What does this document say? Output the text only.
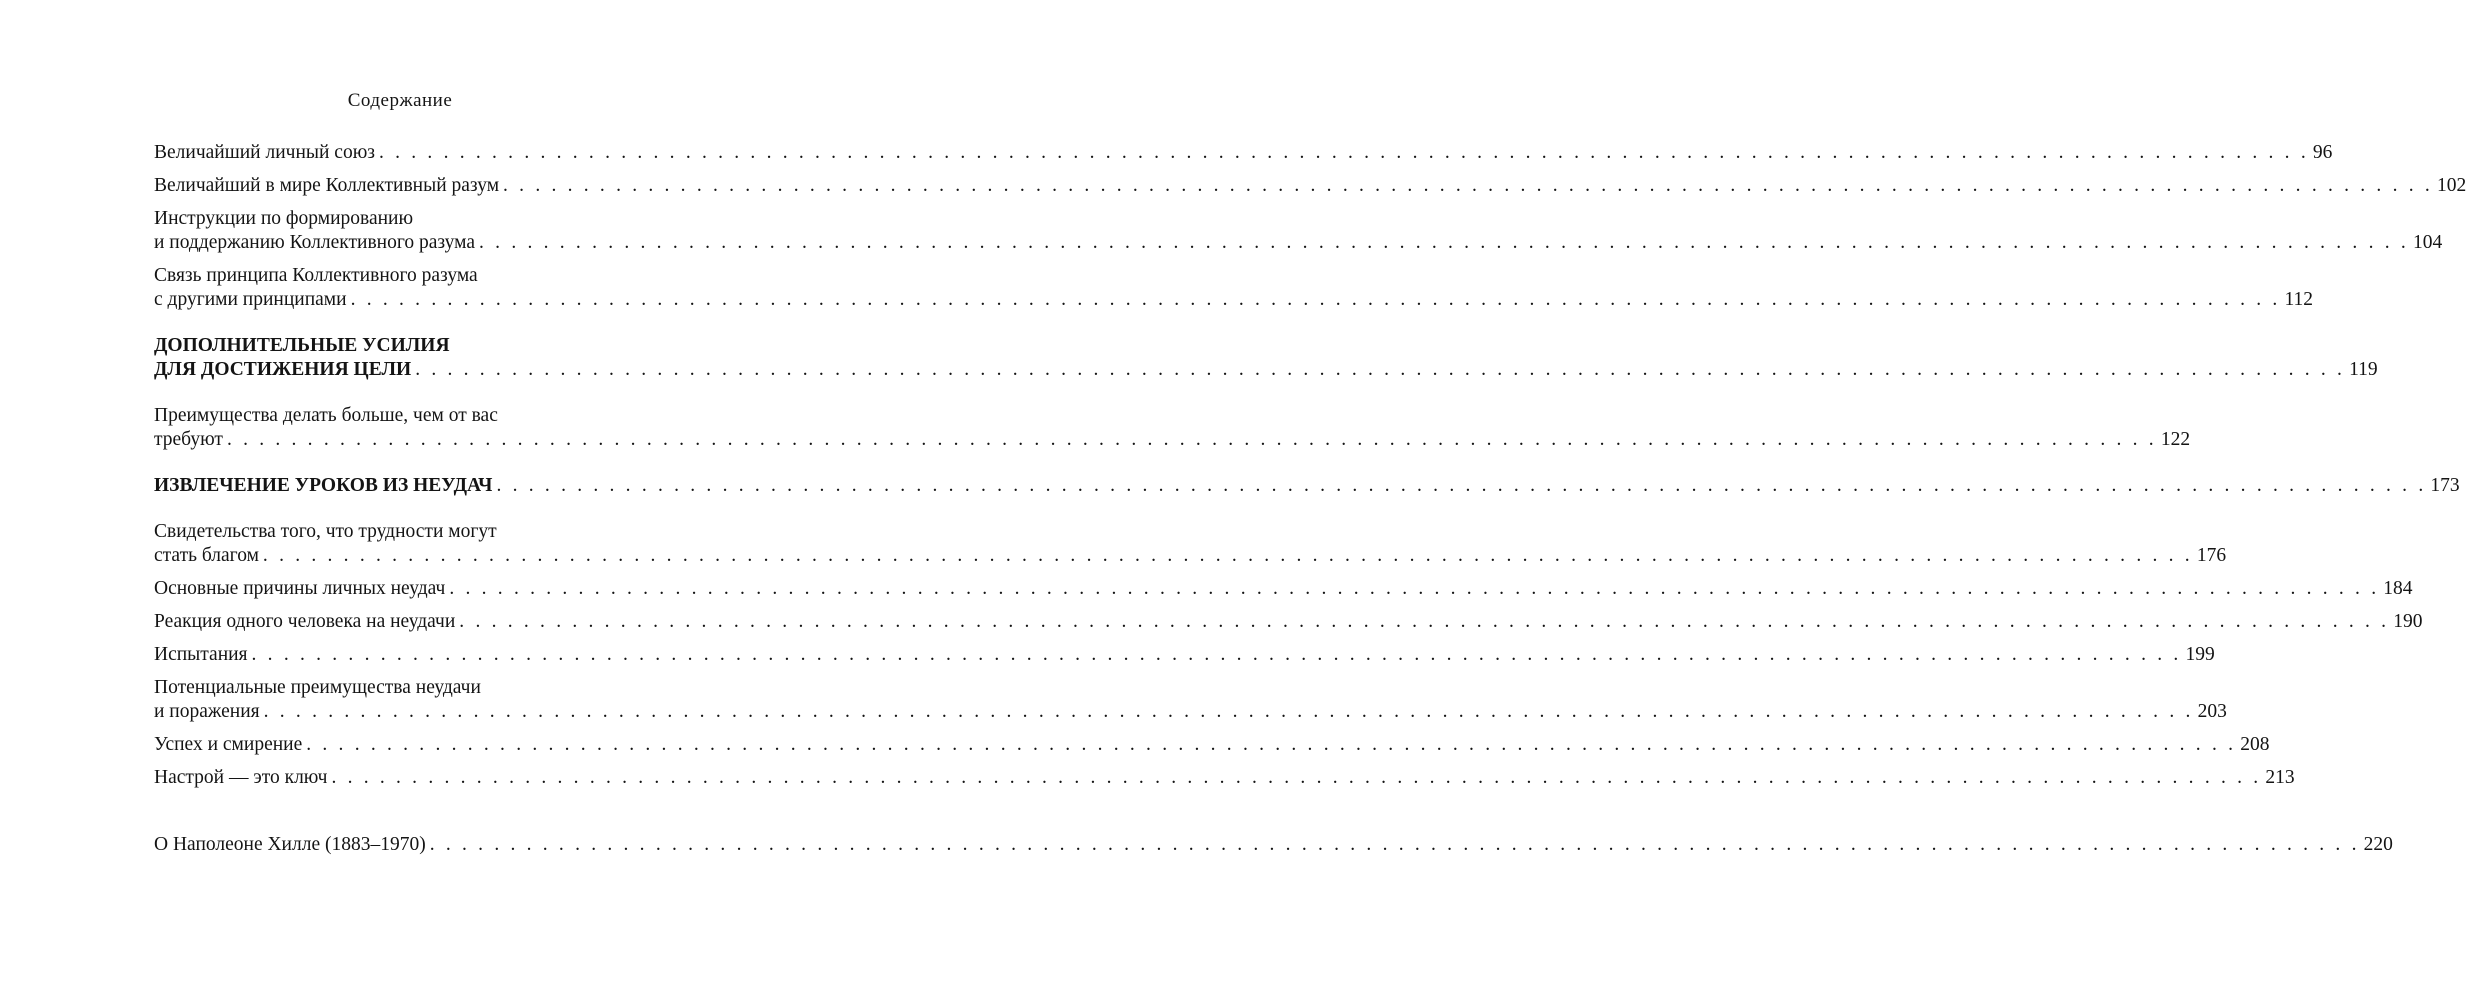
Содержание
Величайший личный союз . . . . . . . . . . . . . . . . . . . . . . . . . . . . . . . . . . . . . . . . . . . . . . . . . . . . . . . . . . . . . . . . . . . . . . . . . . . . . . . . . . . . . . . . . . . . . . . . . . . . . . . . . . . . . . . . . . . . . . . . 96
Величайший в мире Коллективный разум . . . . . . . . . . . . . . . . . . . . . . . . . . . . . . . . . . . . . . . . . . . . . . . . . . . . . . . . . . . . . . . . . . . . . . . . . . . . . . . . . . . . . . . . . . . . . . . . . . . . . . . . . . . . . . . . . . . . . . . . 102
Инструкции по формированию
и поддержанию Коллективного разума . . . . . . . . . . . . . . . . . . . . . . . . . . . . . . . . . . . . . . . . . . . . . . . . . . . . . . . . . . . . . . . . . . . . . . . . . . . . . . . . . . . . . . . . . . . . . . . . . . . . . . . . . . . . . . . . . . . . . . . . 104
Связь принципа Коллективного разума
с другими принципами . . . . . . . . . . . . . . . . . . . . . . . . . . . . . . . . . . . . . . . . . . . . . . . . . . . . . . . . . . . . . . . . . . . . . . . . . . . . . . . . . . . . . . . . . . . . . . . . . . . . . . . . . . . . . . . . . . . . . . . . 112
ДОПОЛНИТЕЛЬНЫЕ УСИЛИЯ
ДЛЯ ДОСТИЖЕНИЯ ЦЕЛИ . . . . . . . . . . . . . . . . . . . . . . . . . . . . . . . . . . . . . . . . . . . . . . . . . . . . . . . . . . . . . . . . . . . . . . . . . . . . . . . . . . . . . . . . . . . . . . . . . . . . . . . . . . . . . . . . . . . . . . . . 119
Преимущества делать больше, чем от вас
требуют . . . . . . . . . . . . . . . . . . . . . . . . . . . . . . . . . . . . . . . . . . . . . . . . . . . . . . . . . . . . . . . . . . . . . . . . . . . . . . . . . . . . . . . . . . . . . . . . . . . . . . . . . . . . . . . . . . . . . . . . 122
ИЗВЛЕЧЕНИЕ УРОКОВ ИЗ НЕУДАЧ . . . . . . . . . . . . . . . . . . . . . . . . . . . . . . . . . . . . . . . . . . . . . . . . . . . . . . . . . . . . . . . . . . . . . . . . . . . . . . . . . . . . . . . . . . . . . . . . . . . . . . . . . . . . . . . . . . . . . . . . 173
Свидетельства того, что трудности могут
стать благом . . . . . . . . . . . . . . . . . . . . . . . . . . . . . . . . . . . . . . . . . . . . . . . . . . . . . . . . . . . . . . . . . . . . . . . . . . . . . . . . . . . . . . . . . . . . . . . . . . . . . . . . . . . . . . . . . . . . . . . . 176
Основные причины личных неудач . . . . . . . . . . . . . . . . . . . . . . . . . . . . . . . . . . . . . . . . . . . . . . . . . . . . . . . . . . . . . . . . . . . . . . . . . . . . . . . . . . . . . . . . . . . . . . . . . . . . . . . . . . . . . . . . . . . . . . . . 184
Реакция одного человека на неудачи . . . . . . . . . . . . . . . . . . . . . . . . . . . . . . . . . . . . . . . . . . . . . . . . . . . . . . . . . . . . . . . . . . . . . . . . . . . . . . . . . . . . . . . . . . . . . . . . . . . . . . . . . . . . . . . . . . . . . . . . 190
Испытания . . . . . . . . . . . . . . . . . . . . . . . . . . . . . . . . . . . . . . . . . . . . . . . . . . . . . . . . . . . . . . . . . . . . . . . . . . . . . . . . . . . . . . . . . . . . . . . . . . . . . . . . . . . . . . . . . . . . . . . . 199
Потенциальные преимущества неудачи
и поражения . . . . . . . . . . . . . . . . . . . . . . . . . . . . . . . . . . . . . . . . . . . . . . . . . . . . . . . . . . . . . . . . . . . . . . . . . . . . . . . . . . . . . . . . . . . . . . . . . . . . . . . . . . . . . . . . . . . . . . . . 203
Успех и смирение . . . . . . . . . . . . . . . . . . . . . . . . . . . . . . . . . . . . . . . . . . . . . . . . . . . . . . . . . . . . . . . . . . . . . . . . . . . . . . . . . . . . . . . . . . . . . . . . . . . . . . . . . . . . . . . . . . . . . . . . 208
Настрой — это ключ . . . . . . . . . . . . . . . . . . . . . . . . . . . . . . . . . . . . . . . . . . . . . . . . . . . . . . . . . . . . . . . . . . . . . . . . . . . . . . . . . . . . . . . . . . . . . . . . . . . . . . . . . . . . . . . . . . . . . . . . 213
О Наполеоне Хилле (1883–1970) . . . . . . . . . . . . . . . . . . . . . . . . . . . . . . . . . . . . . . . . . . . . . . . . . . . . . . . . . . . . . . . . . . . . . . . . . . . . . . . . . . . . . . . . . . . . . . . . . . . . . . . . . . . . . . . . . . . . . . . . 220
